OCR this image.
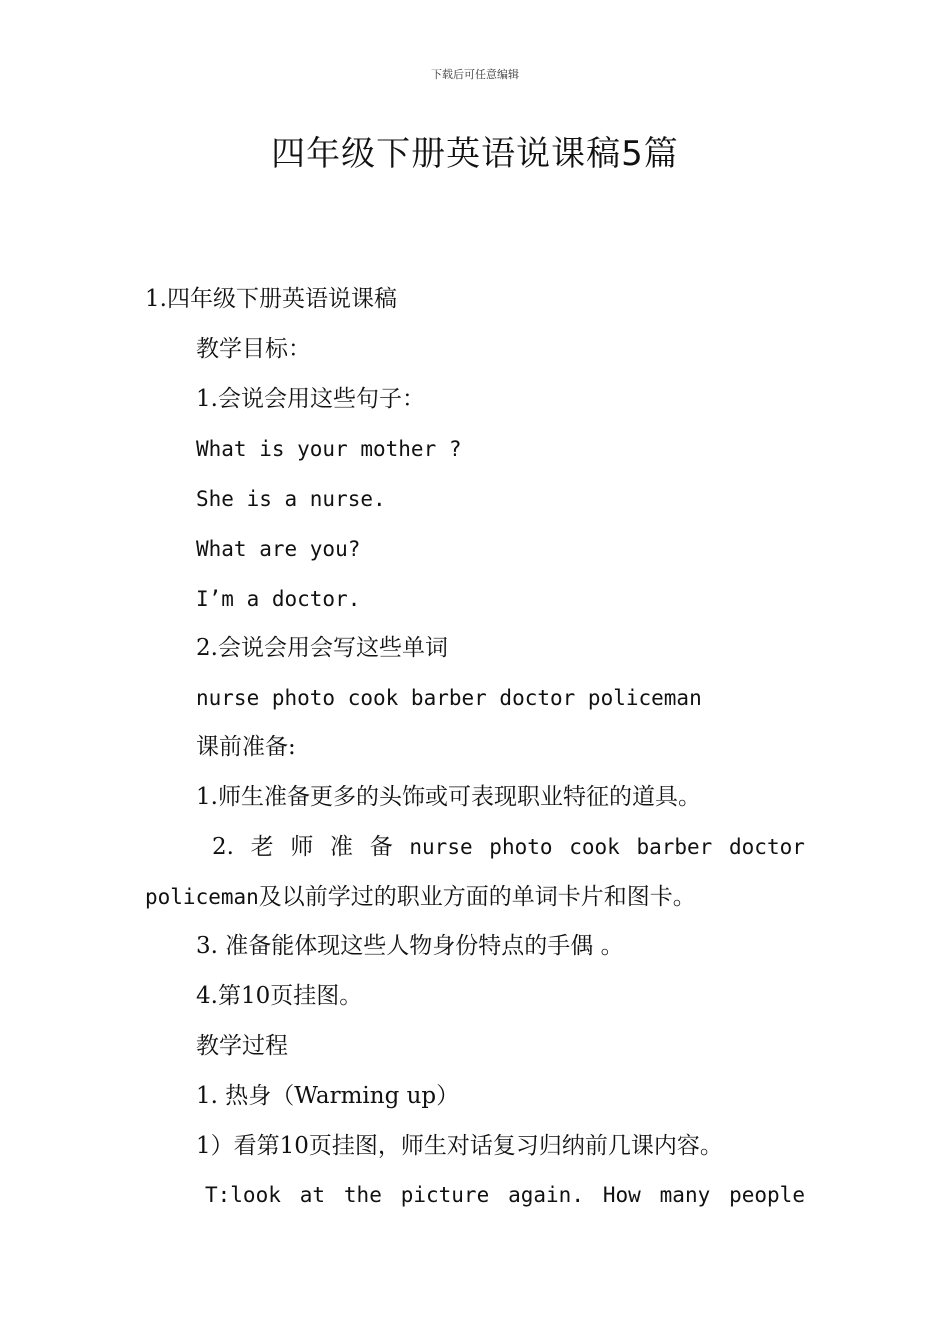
下载后可任意编辑
四年级下册英语说课稿5篇
1.四年级下册英语说课稿
教学目标：
1.会说会用这些句子：
What is your mother ?
She is a nurse.
What are you?
I’m a doctor.
2.会说会用会写这些单词
nurse photo cook barber doctor policeman
课前准备:
1.师生准备更多的头饰或可表现职业特征的道具。
2. 老 师 准 备 nurse photo cook barber doctor
policeman及以前学过的职业方面的单词卡片和图卡。
3. 准备能体现这些人物身份特点的手偶 。
4.第10页挂图。
教学过程
1. 热身（Warming up）
1）看第10页挂图，师生对话复习归纳前几课内容。
T:look at the picture again. How many people
